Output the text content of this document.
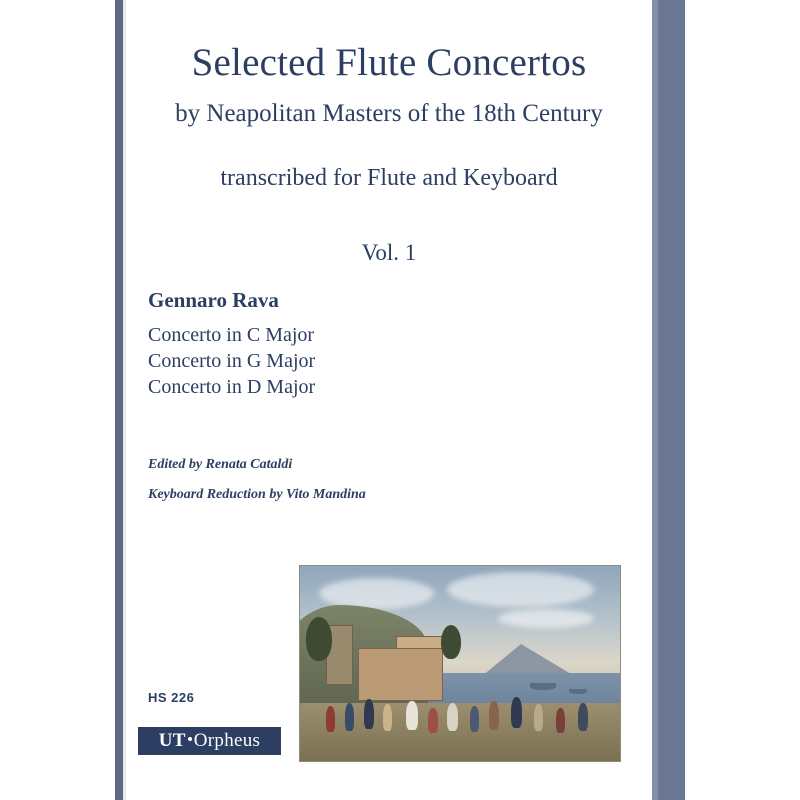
Selected Flute Concertos
by Neapolitan Masters of the 18th Century
transcribed for Flute and Keyboard
Vol. 1
Gennaro Rava
Concerto in C Major
Concerto in G Major
Concerto in D Major
Edited by Renata Cataldi
Keyboard Reduction by Vito Mandina
HS 226
UT Orpheus
